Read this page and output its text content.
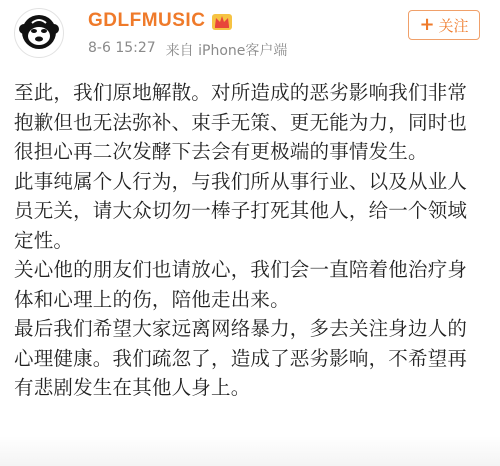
GDLFMUSIC
8-6 15:27 来自 iPhone客户端
+ 关注

至此，我们原地解散。对所造成的恶劣影响我们非常抱歉但也无法弥补、束手无策、更无能为力，同时也很担心再二次发酵下去会有更极端的事情发生。

此事纯属个人行为，与我们所从事行业、以及从业人员无关，请大众切勿一棒子打死其他人，给一个领域定性。

关心他的朋友们也请放心，我们会一直陪着他治疗身体和心理上的伤，陪他走出来。

最后我们希望大家远离网络暴力，多去关注身边人的心理健康。我们疏忽了，造成了恶劣影响，不希望再有悲剧发生在其他人身上。
